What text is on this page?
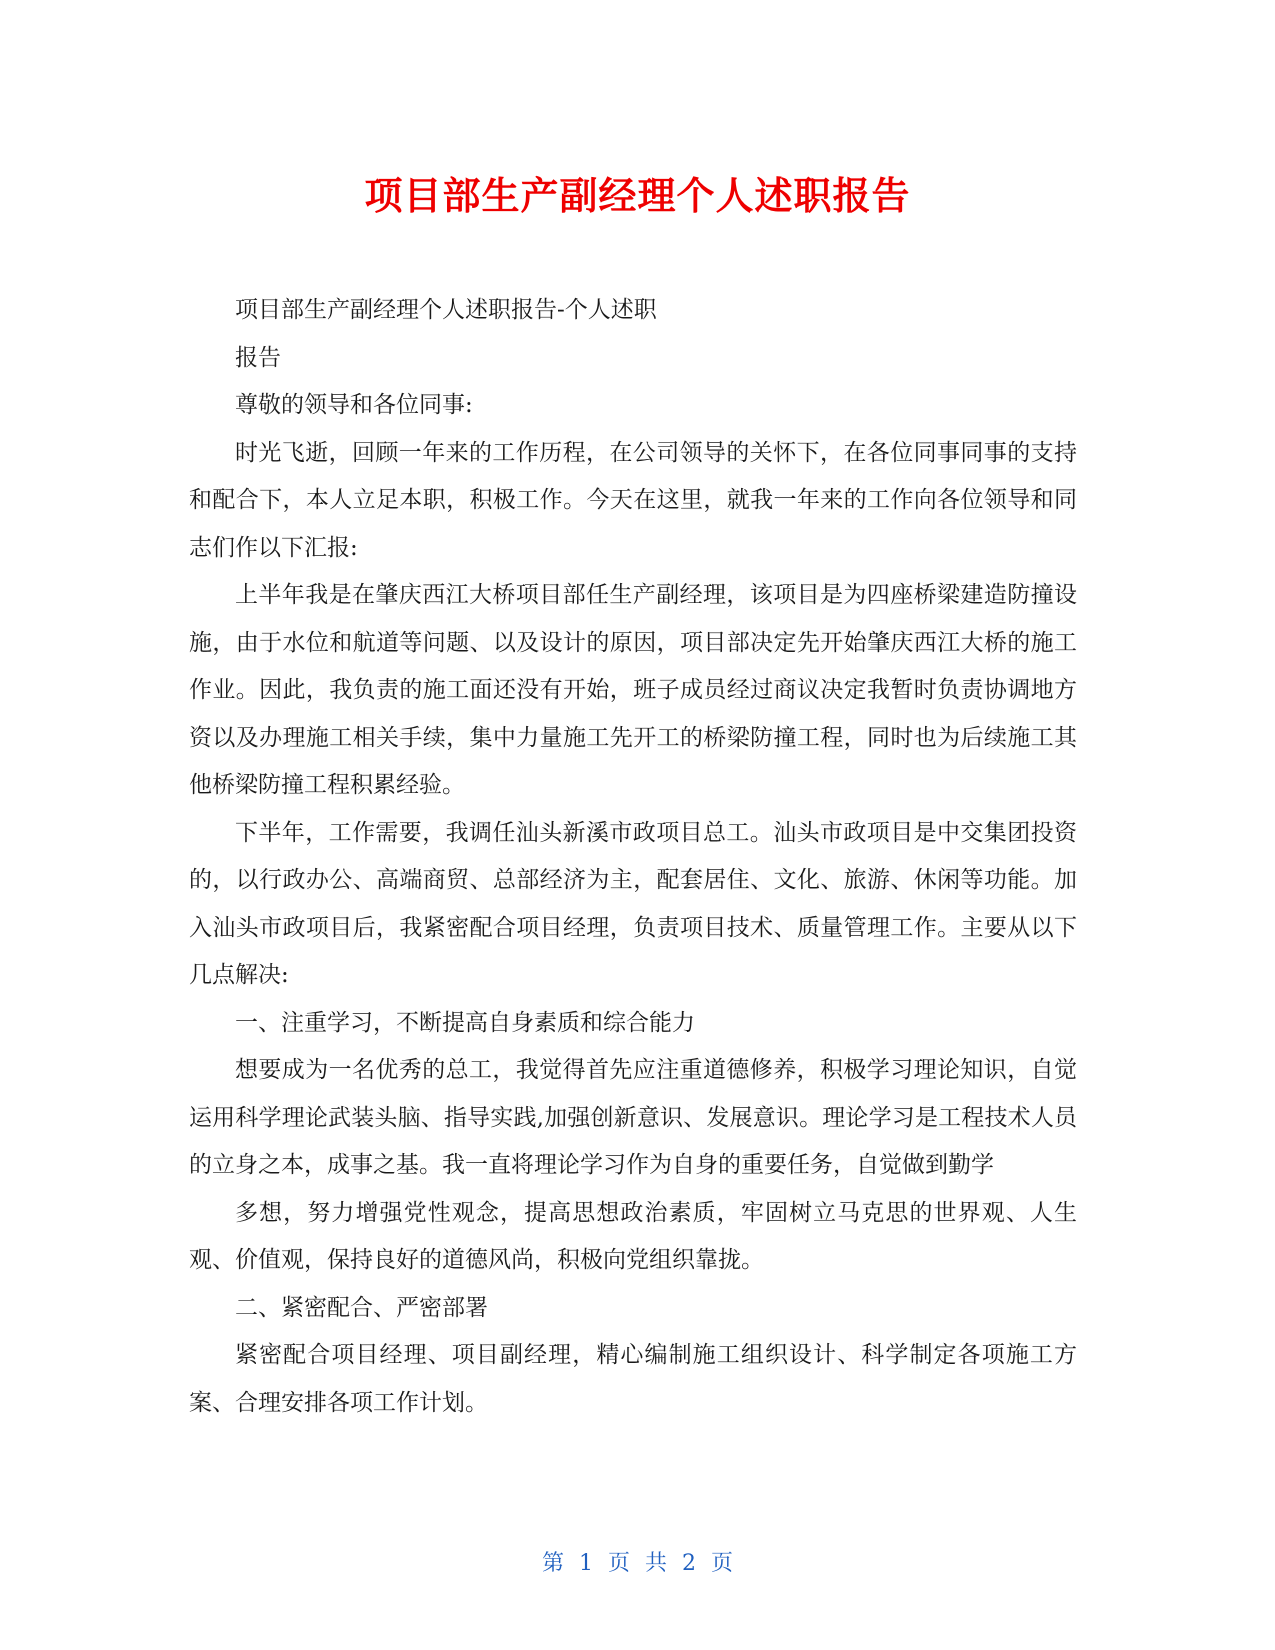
项目部生产副经理个人述职报告

项目部生产副经理个人述职报告-个人述职

报告

尊敬的领导和各位同事:

时光飞逝，回顾一年来的工作历程，在公司领导的关怀下，在各位同事同事的支持和配合下，本人立足本职，积极工作。今天在这里，就我一年来的工作向各位领导和同志们作以下汇报:

上半年我是在肇庆西江大桥项目部任生产副经理，该项目是为四座桥梁建造防撞设施，由于水位和航道等问题、以及设计的原因，项目部决定先开始肇庆西江大桥的施工作业。因此，我负责的施工面还没有开始，班子成员经过商议决定我暂时负责协调地方资以及办理施工相关手续，集中力量施工先开工的桥梁防撞工程，同时也为后续施工其他桥梁防撞工程积累经验。

下半年，工作需要，我调任汕头新溪市政项目总工。汕头市政项目是中交集团投资的，以行政办公、高端商贸、总部经济为主，配套居住、文化、旅游、休闲等功能。加入汕头市政项目后，我紧密配合项目经理，负责项目技术、质量管理工作。主要从以下几点解决:

一、注重学习，不断提高自身素质和综合能力

想要成为一名优秀的总工，我觉得首先应注重道德修养，积极学习理论知识，自觉运用科学理论武装头脑、指导实践,加强创新意识、发展意识。理论学习是工程技术人员的立身之本，成事之基。我一直将理论学习作为自身的重要任务，自觉做到勤学

多想，努力增强党性观念，提高思想政治素质，牢固树立马克思的世界观、人生观、价值观，保持良好的道德风尚，积极向党组织靠拢。

二、紧密配合、严密部署

紧密配合项目经理、项目副经理，精心编制施工组织设计、科学制定各项施工方案、合理安排各项工作计划。

第 1 页 共 2 页
